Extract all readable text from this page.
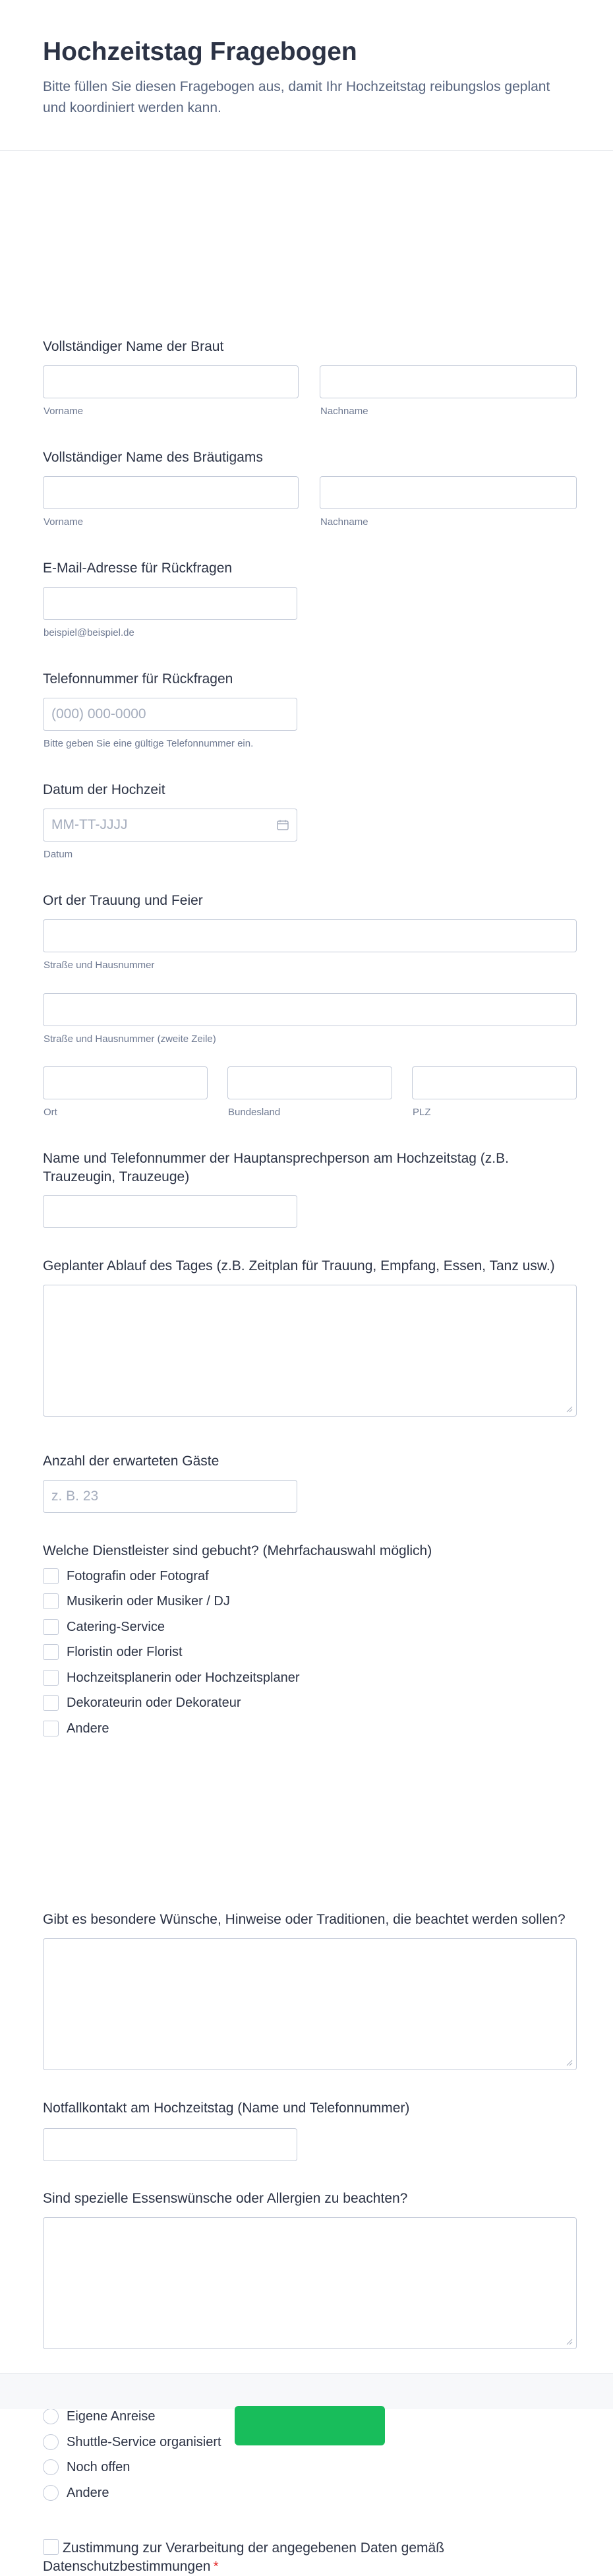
Hochzeitstag Fragebogen

Bitte füllen Sie diesen Fragebogen aus, damit Ihr Hochzeitstag reibungslos geplant und koordiniert werden kann.

Vollständiger Name der Braut
Vorname	Nachname
Vollständiger Name des Bräutigams
Vorname	Nachname
E-Mail-Adresse für Rückfragen
beispiel@beispiel.de
Telefonnummer für Rückfragen
(000) 000-0000
Bitte geben Sie eine gültige Telefonnummer ein.
Datum der Hochzeit
MM-TT-JJJJ
Datum
Ort der Trauung und Feier
Straße und Hausnummer
Straße und Hausnummer (zweite Zeile)
Ort	Bundesland	PLZ
Name und Telefonnummer der Hauptansprechperson am Hochzeitstag (z.B. Trauzeugin, Trauzeuge)
Geplanter Ablauf des Tages (z.B. Zeitplan für Trauung, Empfang, Essen, Tanz usw.)
Anzahl der erwarteten Gäste
z. B. 23
Welche Dienstleister sind gebucht? (Mehrfachauswahl möglich)
Fotografin oder Fotograf
Musikerin oder Musiker / DJ
Catering-Service
Floristin oder Florist
Hochzeitsplanerin oder Hochzeitsplaner
Dekorateurin oder Dekorateur
Andere
Gibt es besondere Wünsche, Hinweise oder Traditionen, die beachtet werden sollen?
Notfallkontakt am Hochzeitstag (Name und Telefonnummer)
Sind spezielle Essenswünsche oder Allergien zu beachten?
Eigene Anreise
Shuttle-Service organisiert
Noch offen
Andere
Zustimmung zur Verarbeitung der angegebenen Daten gemäß Datenschutzbestimmungen *
